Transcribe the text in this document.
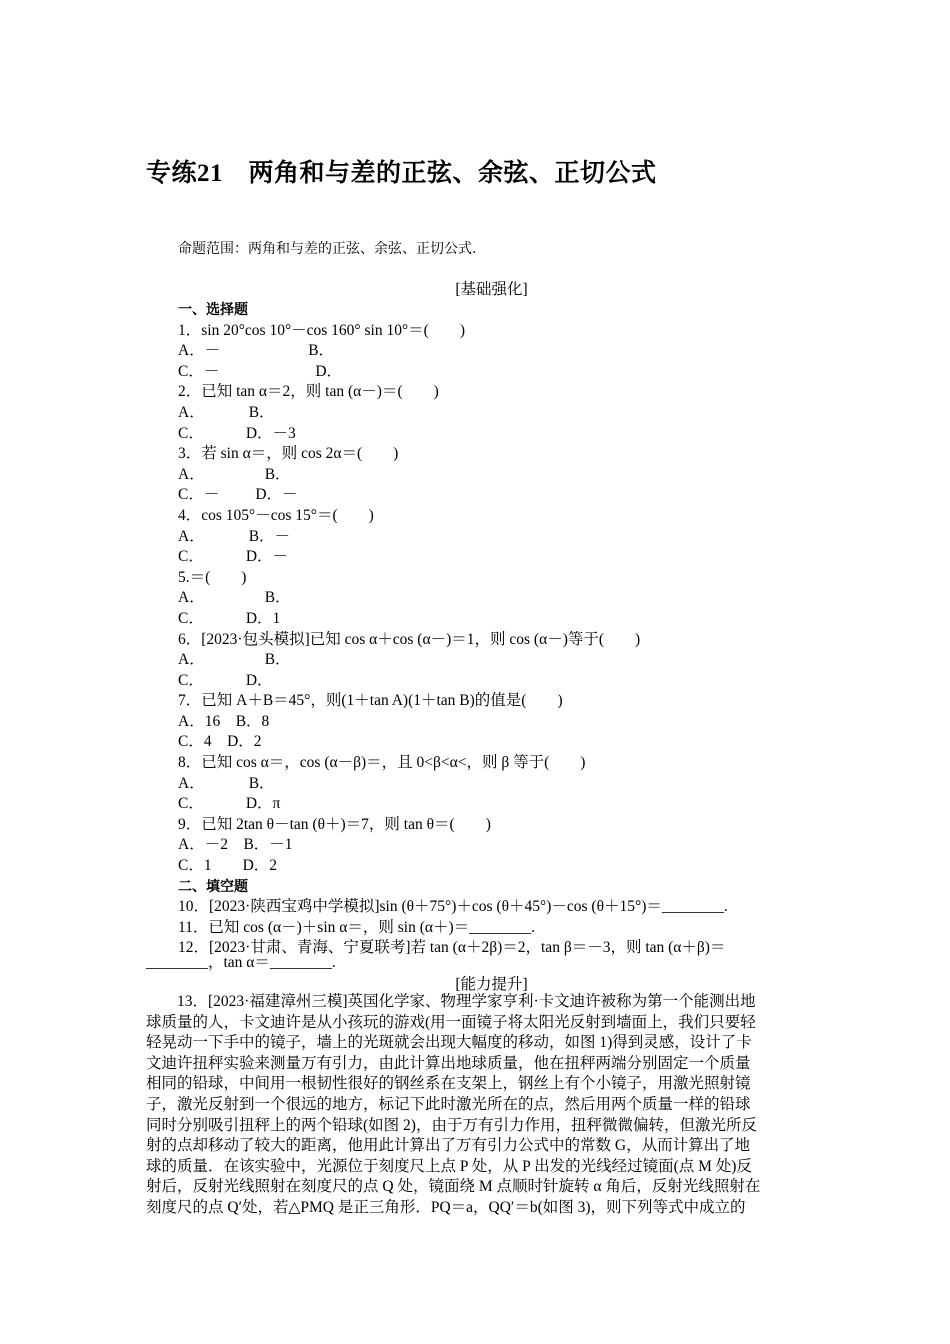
专练21　两角和与差的正弦、余弦、正切公式
命题范围：两角和与差的正弦、余弦、正切公式.
[基础强化]
一、选择题
1．sin 20°cos 10°－cos 160° sin 10°＝(　　)
A．－	B．
C．－	D．
2．已知 tan α＝2，则 tan (α－)＝(　　)
A．	B．
C．	D．－3
3．若 sin α＝，则 cos 2α＝(　　)
A．	B．
C．－ D．－
4．cos 105°－cos 15°＝(　　)
A．	B．－
C．	D．－
5.＝(　　)
A．	B．
C．	D．1
6．[2023·包头模拟]已知 cos α＋cos (α－)＝1，则 cos (α－)等于(　　)
A．	B．
C．	D．
7．已知 A＋B＝45°，则(1＋tan A)(1＋tan B)的值是(　　)
A．16　B．8
C．4　D．2
8．已知 cos α＝，cos (α－β)＝，且 0<β<α<，则 β 等于(　　)
A．	B．
C．	D．π
9．已知 2tan θ－tan (θ＋)＝7，则 tan θ＝(　　)
A．－2　B．－1
C．1　　D．2
二、填空题
10．[2023·陕西宝鸡中学模拟]sin (θ＋75°)＋cos (θ＋45°)－cos (θ＋15°)＝________.
11．已知 cos (α－)＋sin α＝，则 sin (α＋)＝________.
12．[2023·甘肃、青海、宁夏联考]若 tan (α＋2β)＝2，tan β＝－3，则 tan (α＋β)＝
________，tan α＝________.
[能力提升]
　　13．[2023·福建漳州三模]英国化学家、物理学家亨利·卡文迪许被称为第一个能测出地
球质量的人，卡文迪许是从小孩玩的游戏(用一面镜子将太阳光反射到墙面上，我们只要轻
轻晃动一下手中的镜子，墙上的光斑就会出现大幅度的移动，如图 1)得到灵感，设计了卡
文迪许扭秤实验来测量万有引力，由此计算出地球质量，他在扭秤两端分别固定一个质量
相同的铅球，中间用一根韧性很好的钢丝系在支架上，钢丝上有个小镜子，用激光照射镜
子，激光反射到一个很远的地方，标记下此时激光所在的点，然后用两个质量一样的铅球
同时分别吸引扭秤上的两个铅球(如图 2)，由于万有引力作用，扭秤微微偏转，但激光所反
射的点却移动了较大的距离，他用此计算出了万有引力公式中的常数 G，从而计算出了地
球的质量．在该实验中，光源位于刻度尺上点 P 处，从 P 出发的光线经过镜面(点 M 处)反
射后，反射光线照射在刻度尺的点 Q 处，镜面绕 M 点顺时针旋转 α 角后，反射光线照射在
刻度尺的点 Q′处，若△PMQ 是正三角形．PQ＝a，QQ′＝b(如图 3)，则下列等式中成立的
